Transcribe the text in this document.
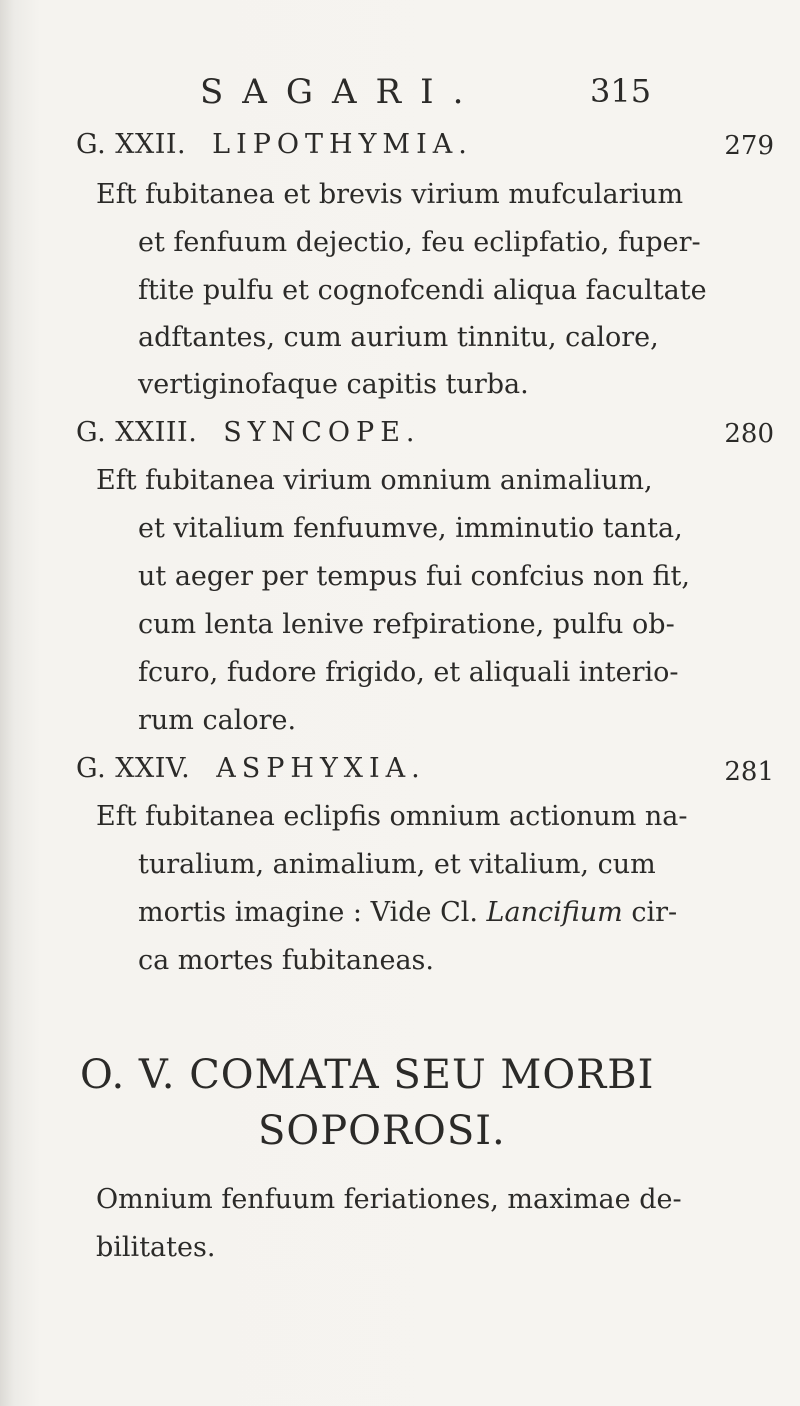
SAGARI.	315
G. XXII. LIPOTHYMIA.	279
Eft fubitanea et brevis virium mufcularium
et fenfuum dejectio, feu eclipfatio, fuper-
ftite pulfu et cognofcendi aliqua facultate
adftantes, cum aurium tinnitu, calore,
vertiginofaque capitis turba.
G. XXIII. SYNCOPE.	280
Eft fubitanea virium omnium animalium,
et vitalium fenfuumve, imminutio tanta,
ut aeger per tempus fui confcius non fit,
cum lenta lenive refpiratione, pulfu ob-
fcuro, fudore frigido, et aliquali interio-
rum calore.
G. XXIV. ASPHYXIA.	281
Eft fubitanea eclipfis omnium actionum na-
turalium, animalium, et vitalium, cum
mortis imagine : Vide Cl. Lancifium cir-
ca mortes fubitaneas.
O. V. COMATA SEU MORBI
SOPOROSI.
Omnium fenfuum feriationes, maximae de-
bilitates.
